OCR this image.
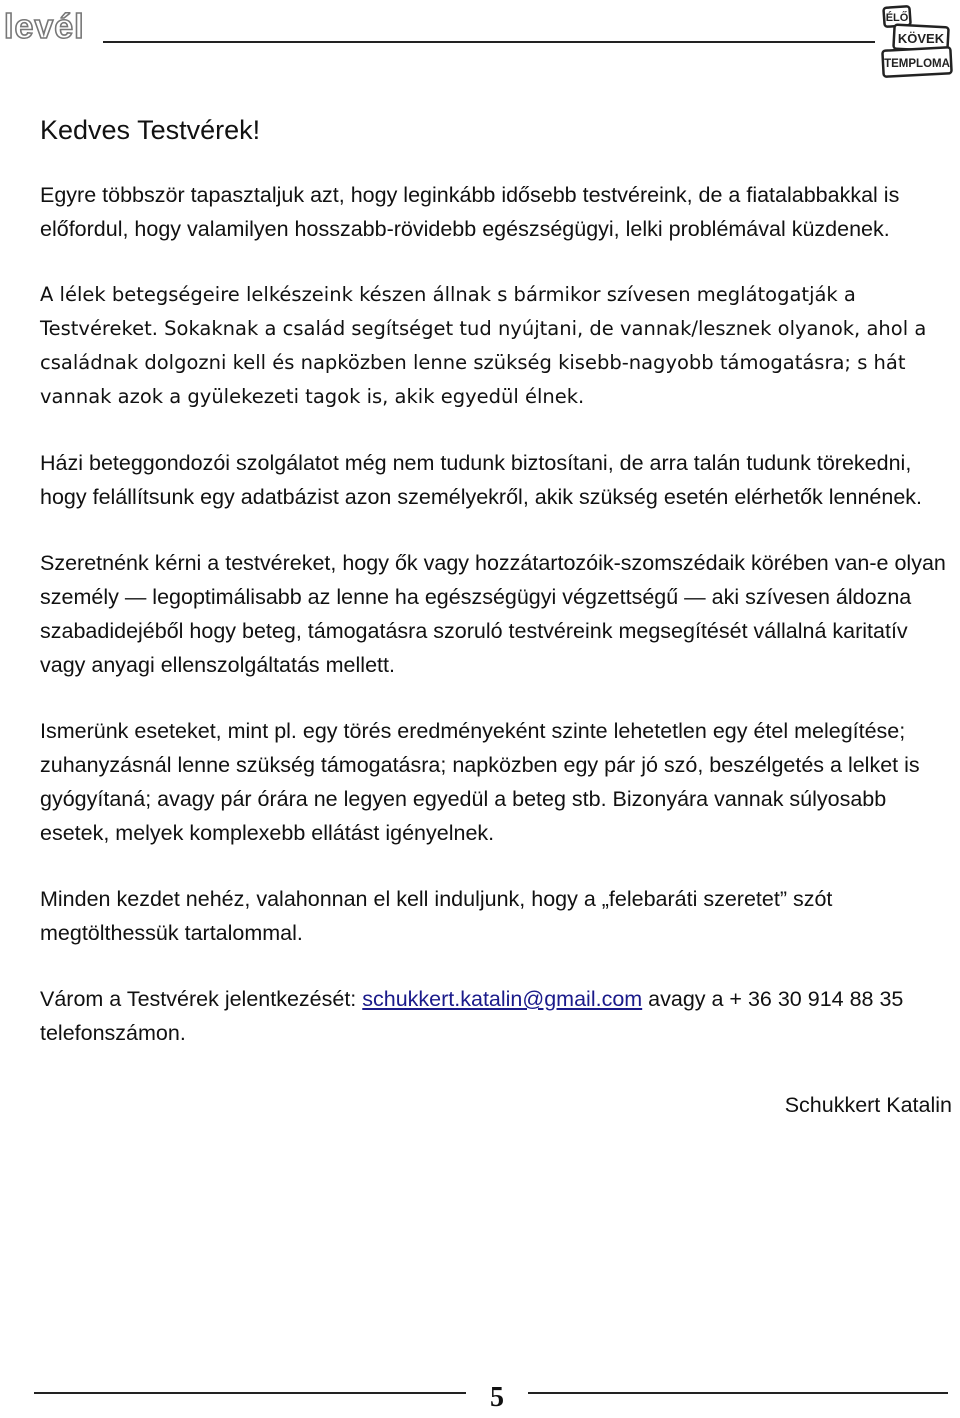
levél	ÉLŐ
KÖVEK
TEMPLOMA
Kedves Testvérek!
Egyre többször tapasztaljuk azt, hogy leginkább idősebb testvéreink, de a fiatalabbakkal is előfordul, hogy valamilyen hosszabb-rövidebb egészségügyi, lelki problémával küzdenek.
A lélek betegségeire lelkészeink készen állnak s bármikor szívesen meglátogatják a Testvéreket. Sokaknak a család segítséget tud nyújtani, de vannak/lesznek olyanok, ahol a családnak dolgozni kell és napközben lenne szükség kisebb-nagyobb támogatásra; s hát vannak azok a gyülekezeti tagok is, akik egyedül élnek.
Házi beteggondozói szolgálatot még nem tudunk biztosítani, de arra talán tudunk törekedni, hogy felállítsunk egy adatbázist azon személyekről, akik szükség esetén elérhetők lennének.
Szeretnénk kérni a testvéreket, hogy ők vagy hozzátartozóik-szomszédaik körében van-e olyan személy — legoptimálisabb az lenne ha egészségügyi végzettségű — aki szívesen áldozna szabadidejéből hogy beteg, támogatásra szoruló testvéreink megsegítését vállalná karitatív vagy anyagi ellenszolgáltatás mellett.
Ismerünk eseteket, mint pl. egy törés eredményeként szinte lehetetlen egy étel melegítése; zuhanyzásnál lenne szükség támogatásra; napközben egy pár jó szó, beszélgetés a lelket is gyógyítaná; avagy pár órára ne legyen egyedül a beteg stb. Bizonyára vannak súlyosabb esetek, melyek komplexebb ellátást igényelnek.
Minden kezdet nehéz, valahonnan el kell induljunk, hogy a „felebaráti szeretet” szót megtölthessük tartalommal.
Várom a Testvérek jelentkezését: schukkert.katalin@gmail.com avagy a + 36 30 914 88 35 telefonszámon.
Schukkert Katalin
5
